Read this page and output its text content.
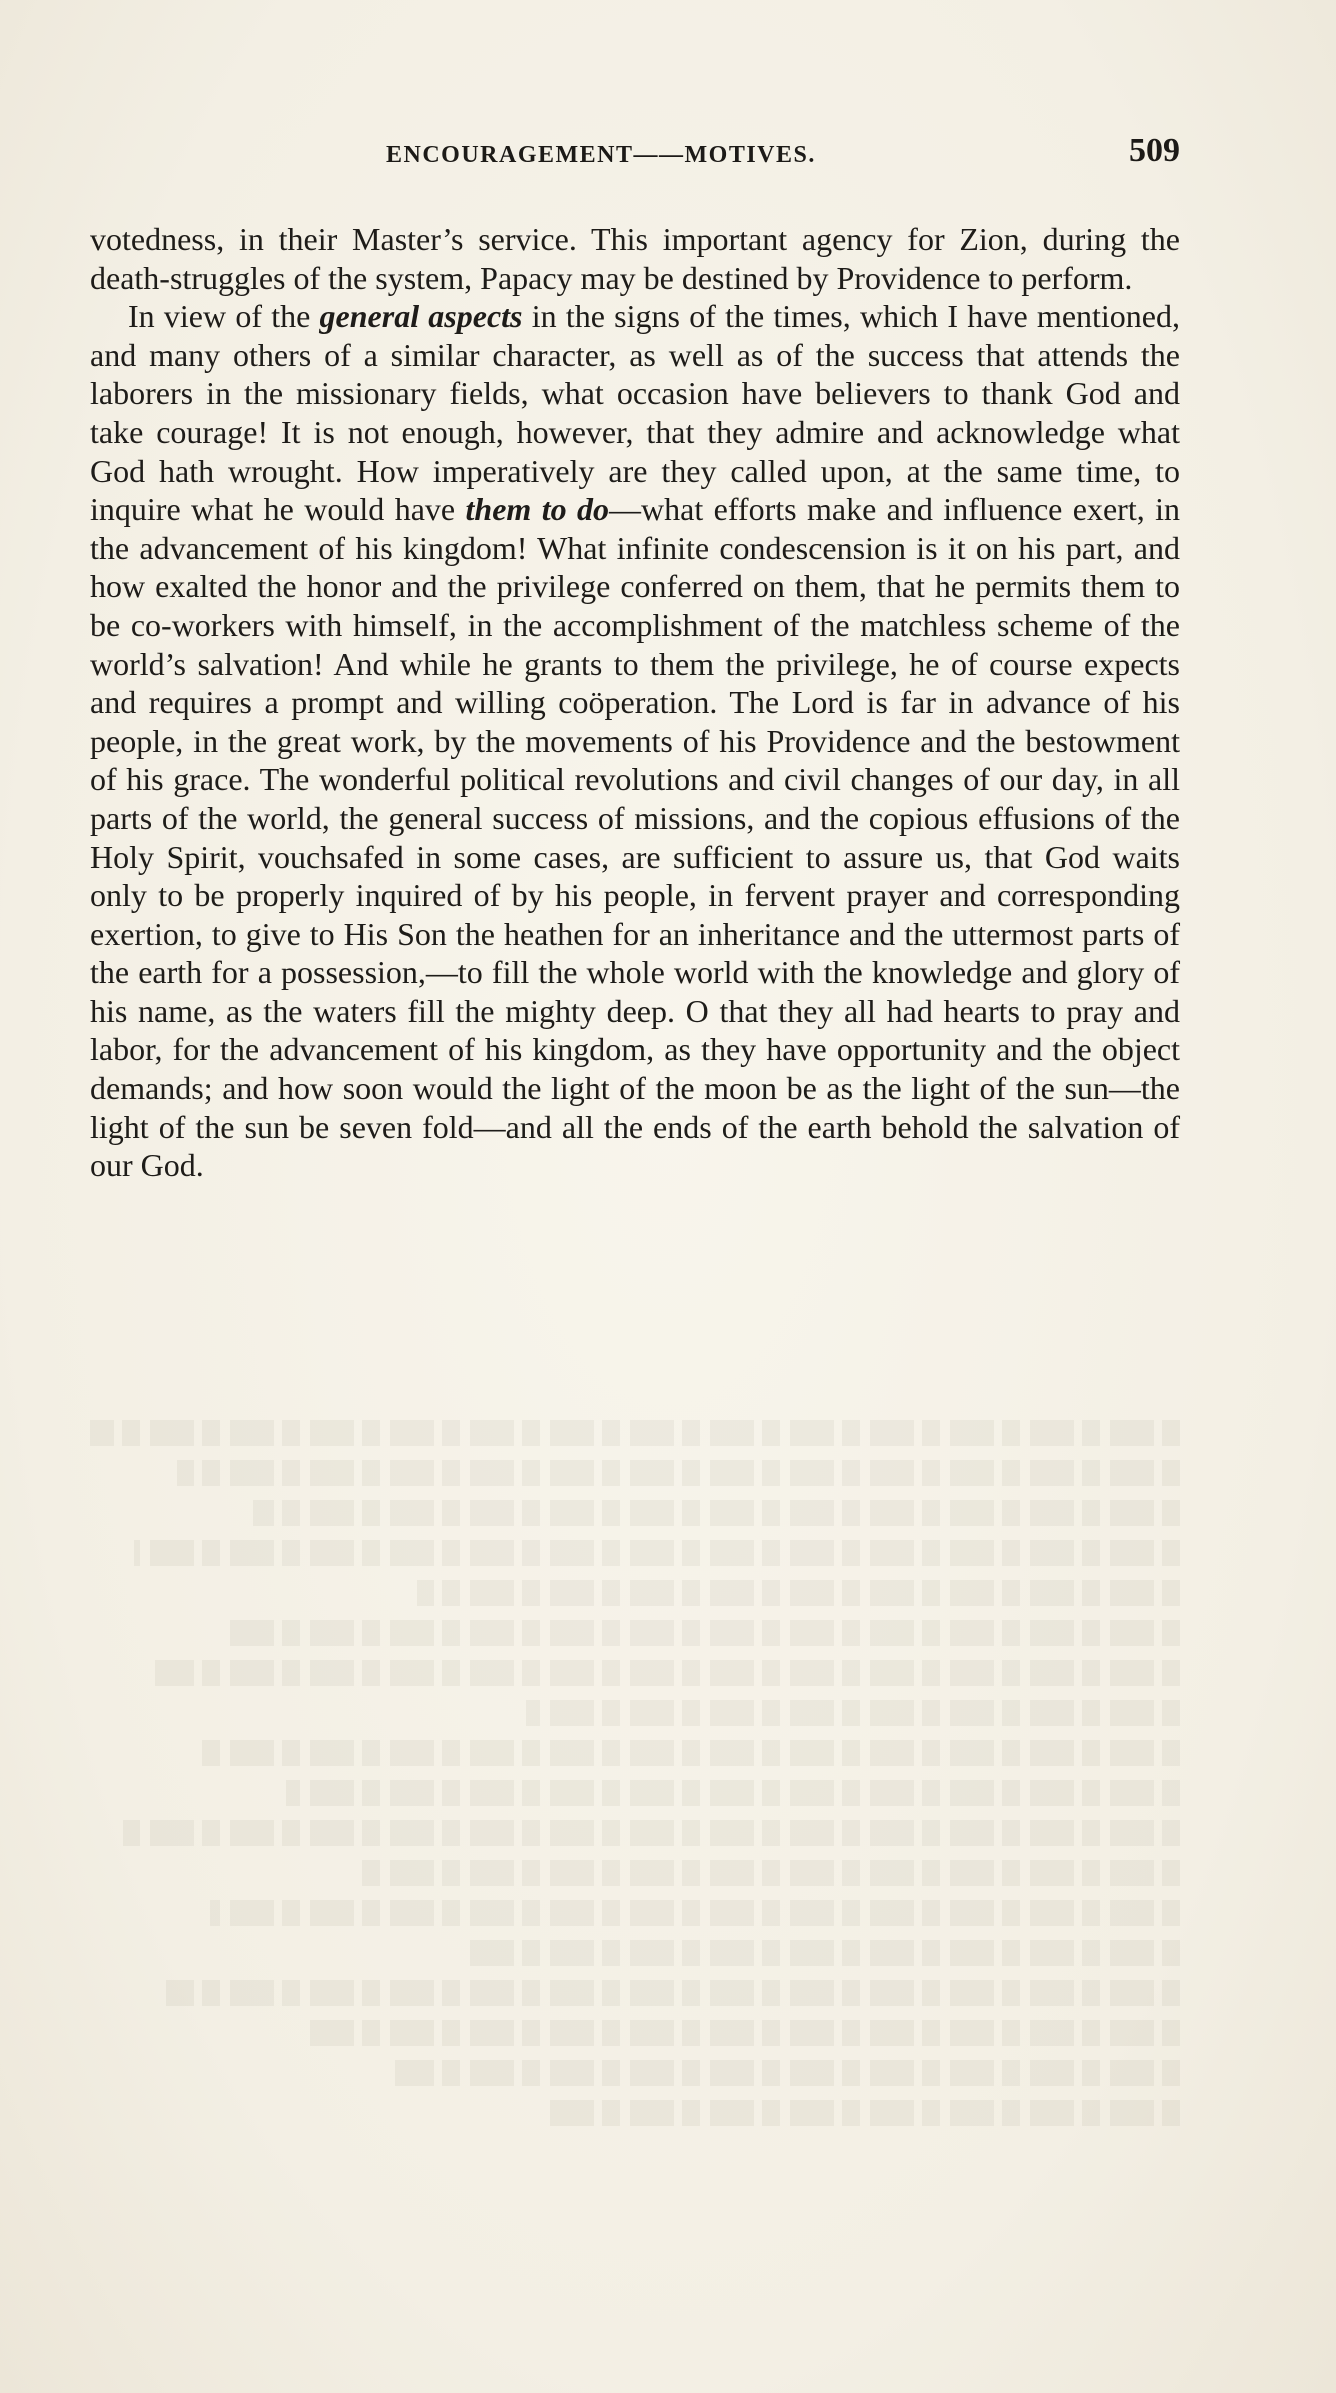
ENCOURAGEMENT——MOTIVES.	509

votedness, in their Master’s service. This important agency for Zion, during the death-struggles of the system, Papacy may be destined by Providence to perform.

In view of the general aspects in the signs of the times, which I have mentioned, and many others of a similar character, as well as of the success that attends the laborers in the missionary fields, what occasion have believers to thank God and take courage! It is not enough, however, that they admire and acknowledge what God hath wrought. How imperatively are they called upon, at the same time, to inquire what he would have them to do—what efforts make and influence exert, in the advancement of his kingdom! What infinite condescension is it on his part, and how exalted the honor and the privilege conferred on them, that he permits them to be co-workers with himself, in the accomplishment of the matchless scheme of the world’s salvation! And while he grants to them the privilege, he of course expects and requires a prompt and willing coöperation. The Lord is far in advance of his people, in the great work, by the movements of his Providence and the bestowment of his grace. The wonderful political revolutions and civil changes of our day, in all parts of the world, the general success of missions, and the copious effusions of the Holy Spirit, vouchsafed in some cases, are sufficient to assure us, that God waits only to be properly inquired of by his people, in fervent prayer and corresponding exertion, to give to His Son the heathen for an inheritance and the uttermost parts of the earth for a possession,—to fill the whole world with the knowledge and glory of his name, as the waters fill the mighty deep. O that they all had hearts to pray and labor, for the advancement of his kingdom, as they have opportunity and the object demands; and how soon would the light of the moon be as the light of the sun—the light of the sun be seven fold—and all the ends of the earth behold the salvation of our God.
